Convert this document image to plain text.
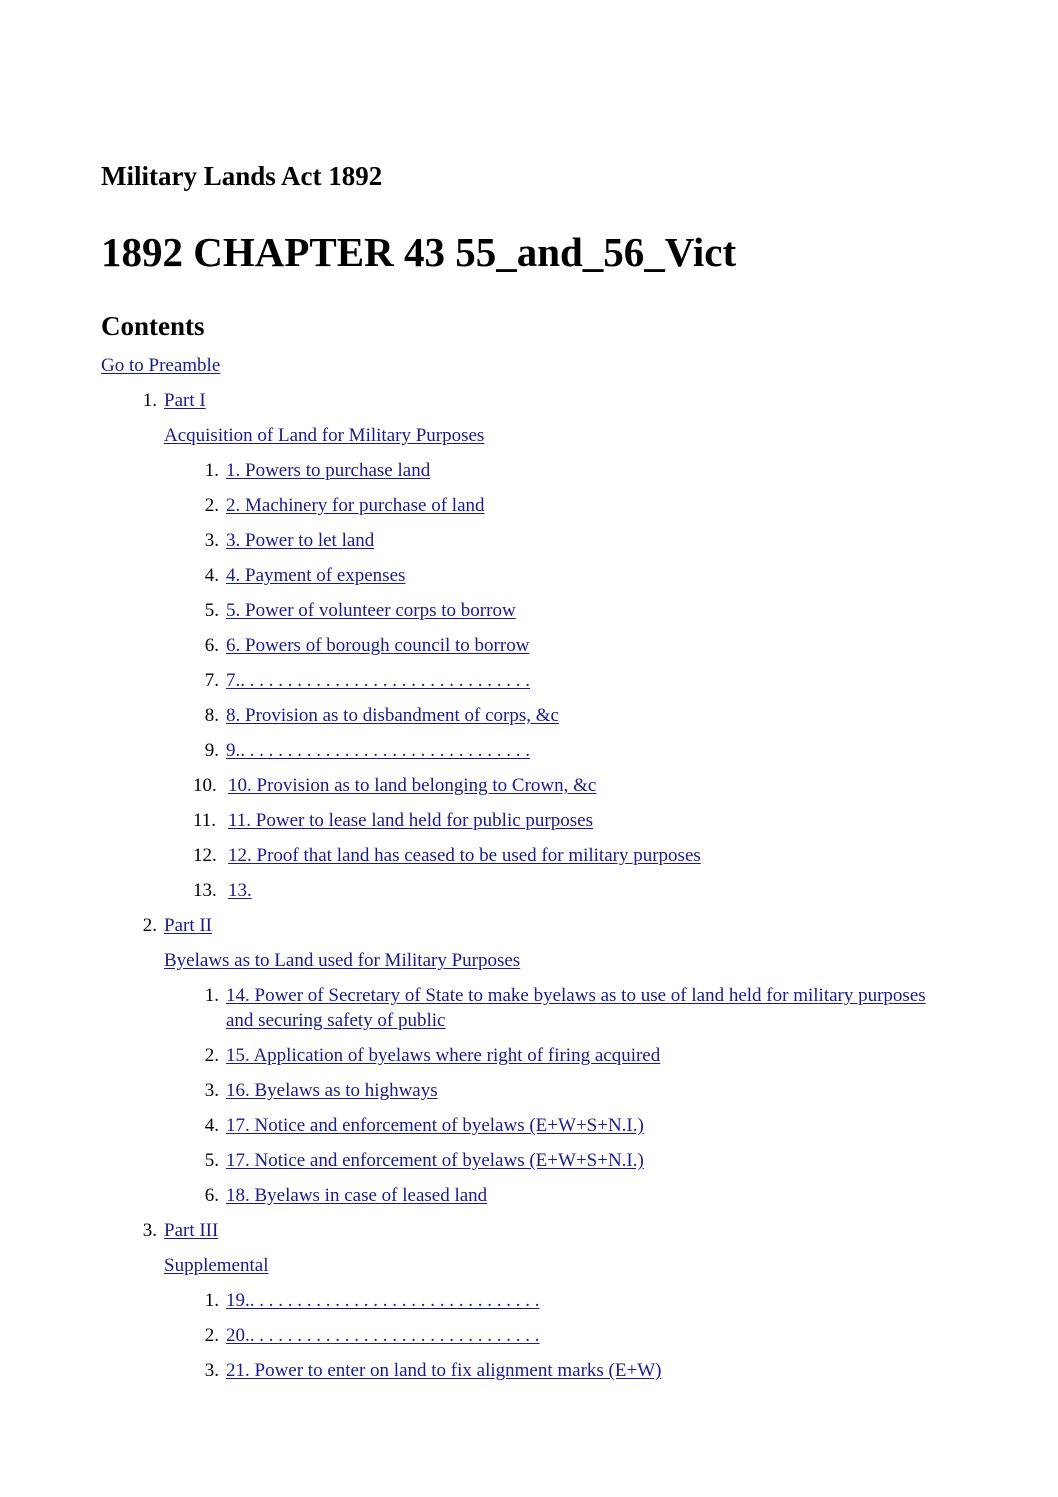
Military Lands Act 1892
1892 CHAPTER 43 55_and_56_Vict
Contents
Go to Preamble
1. Part I
Acquisition of Land for Military Purposes
1. 1. Powers to purchase land
2. 2. Machinery for purchase of land
3. 3. Power to let land
4. 4. Payment of expenses
5. 5. Power of volunteer corps to borrow
6. 6. Powers of borough council to borrow
7. 7.. . . . . . . . . . . . . . . . . . . . . . . . . . . . . . .
8. 8. Provision as to disbandment of corps, &c
9. 9.. . . . . . . . . . . . . . . . . . . . . . . . . . . . . . .
10. 10. Provision as to land belonging to Crown, &c
11. 11. Power to lease land held for public purposes
12. 12. Proof that land has ceased to be used for military purposes
13. 13.
2. Part II
Byelaws as to Land used for Military Purposes
1. 14. Power of Secretary of State to make byelaws as to use of land held for military purposes and securing safety of public
2. 15. Application of byelaws where right of firing acquired
3. 16. Byelaws as to highways
4. 17. Notice and enforcement of byelaws (E+W+S+N.I.)
5. 17. Notice and enforcement of byelaws (E+W+S+N.I.)
6. 18. Byelaws in case of leased land
3. Part III
Supplemental
1. 19.. . . . . . . . . . . . . . . . . . . . . . . . . . . . . . .
2. 20.. . . . . . . . . . . . . . . . . . . . . . . . . . . . . . .
3. 21. Power to enter on land to fix alignment marks (E+W)
